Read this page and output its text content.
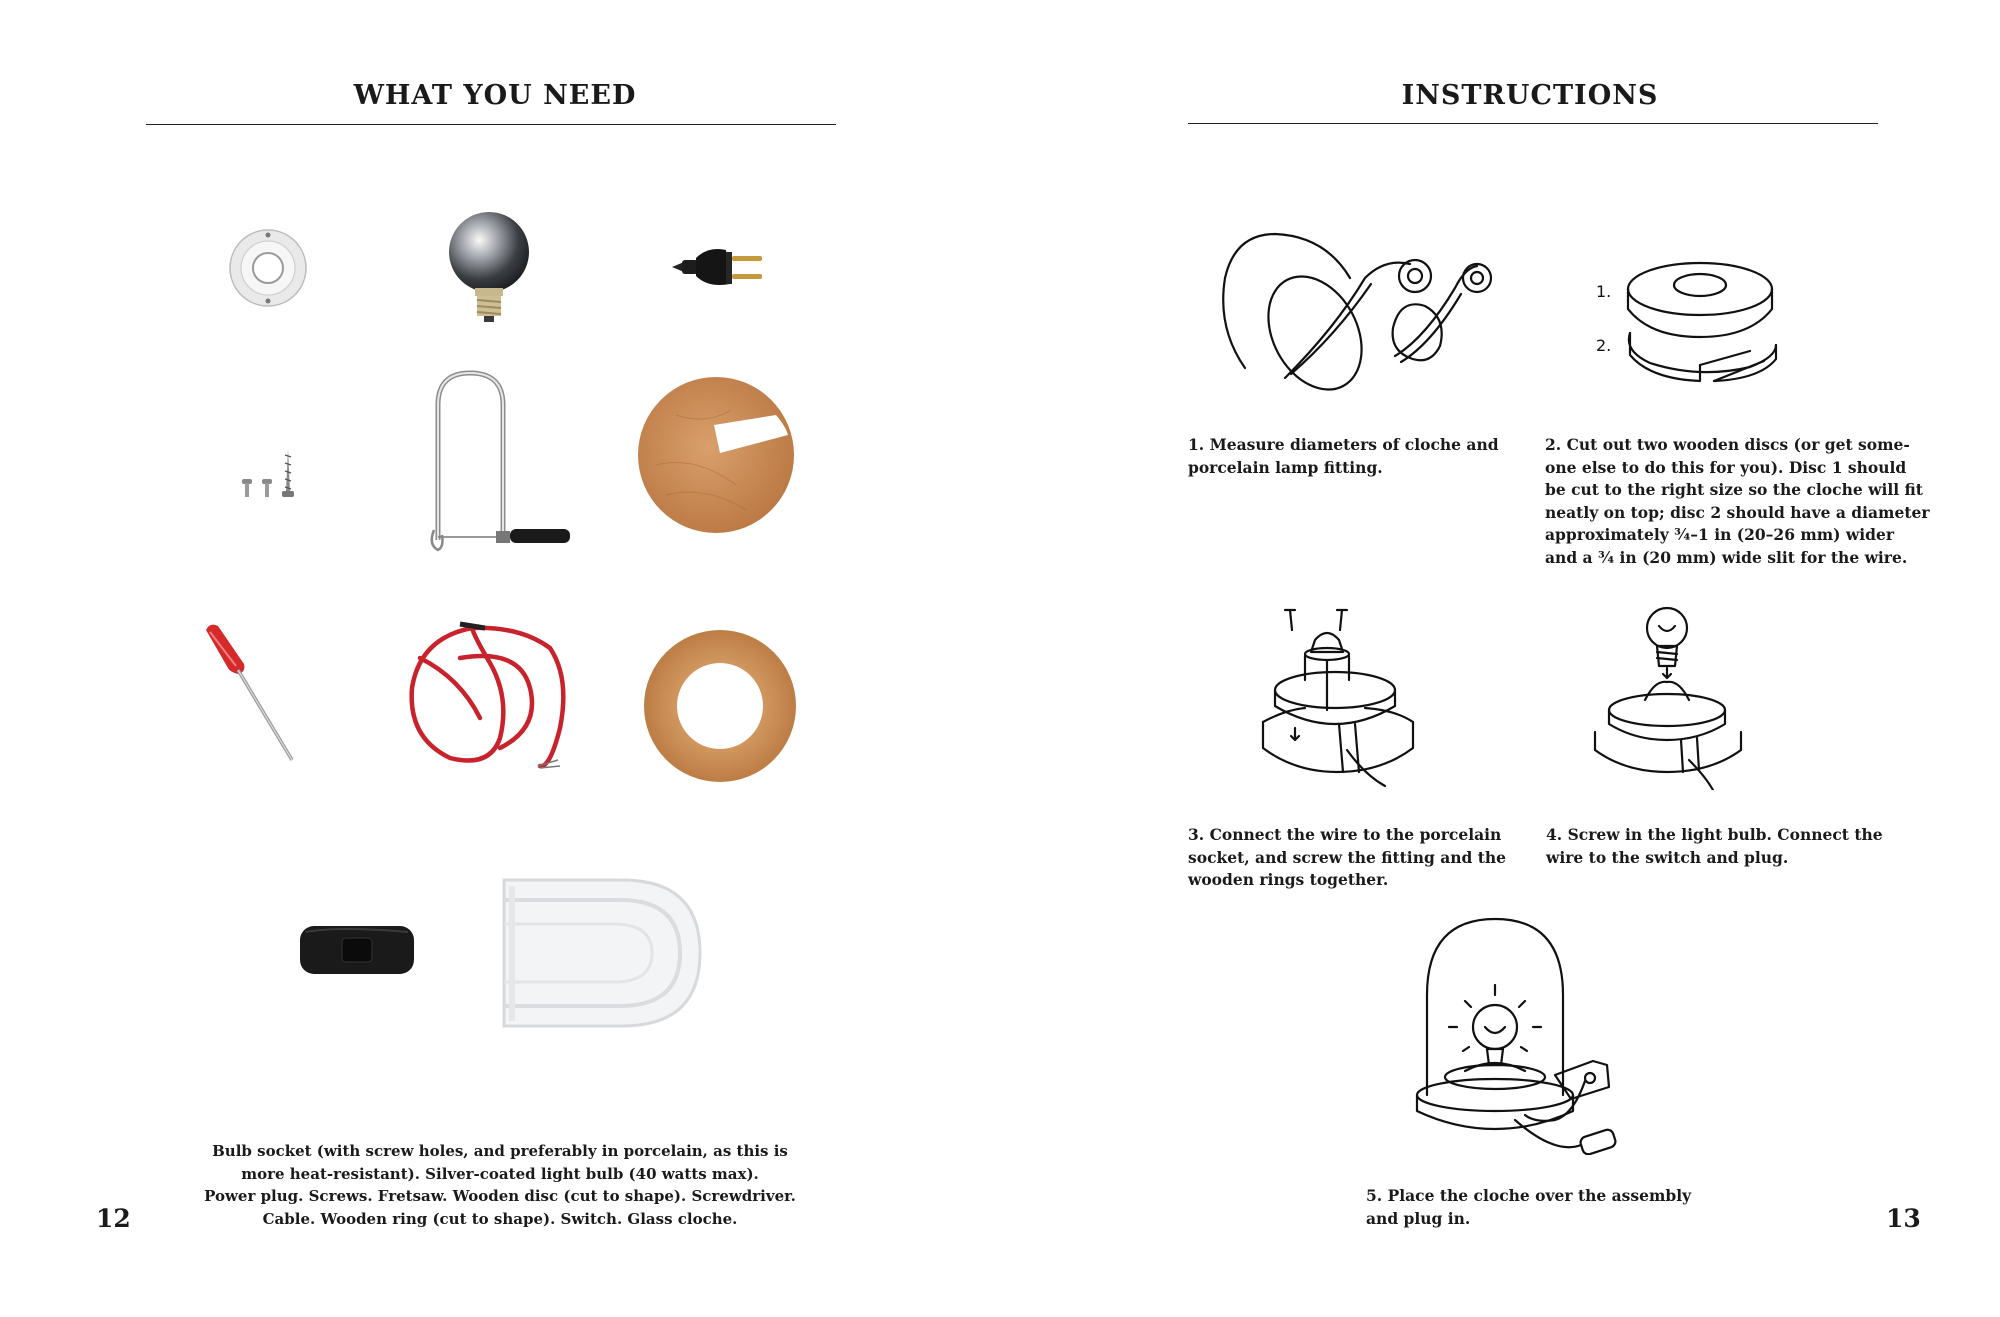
WHAT YOU NEED
Bulb socket (with screw holes, and preferably in porcelain, as this is
more heat-resistant). Silver-coated light bulb (40 watts max).
Power plug. Screws. Fretsaw. Wooden disc (cut to shape). Screwdriver.
Cable. Wooden ring (cut to shape). Switch. Glass cloche.
12
INSTRUCTIONS
1.
2.
1. Measure diameters of cloche and
porcelain lamp fitting.
2. Cut out two wooden discs (or get some-
one else to do this for you). Disc 1 should
be cut to the right size so the cloche will fit
neatly on top; disc 2 should have a diameter
approximately ¾–1 in (20–26 mm) wider
and a ¾ in (20 mm) wide slit for the wire.
3. Connect the wire to the porcelain
socket, and screw the fitting and the
wooden rings together.
4. Screw in the light bulb. Connect the
wire to the switch and plug.
5. Place the cloche over the assembly
and plug in.	13
